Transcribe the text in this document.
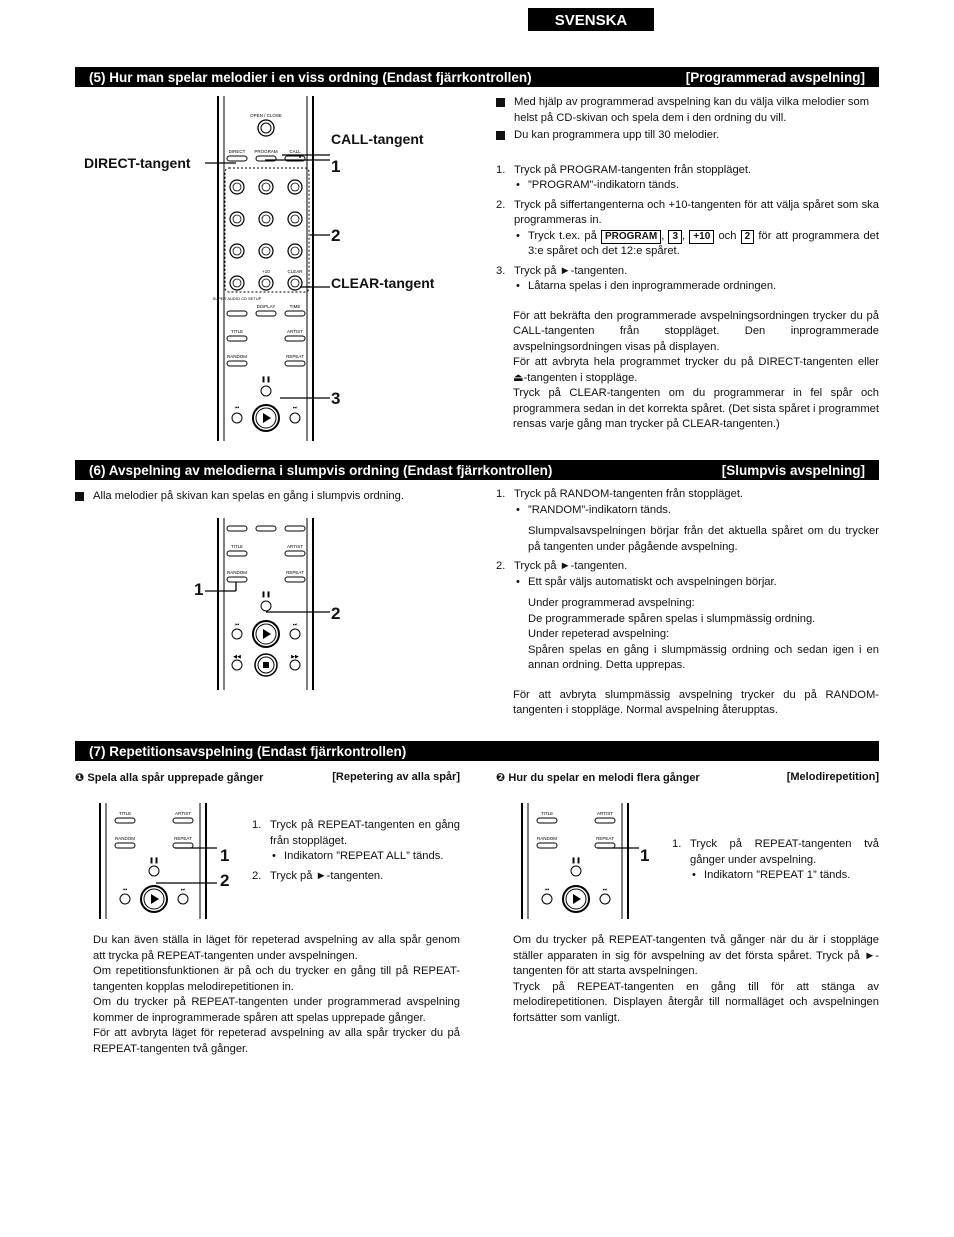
SVENSKA
(5) Hur man spelar melodier i en viss ordning (Endast fjärrkontrollen)	[Programmerad avspelning]
OPEN / CLOSE
DIRECT PROGRAM	CALL
+10	CLEAR
SUPER AUDIO CD SETUP
DISPLAY	TIME
TITLE	ARTIST
RANDOM	REPEAT
❚❚
⏮	⏭
CALL-tangent
DIRECT-tangent
CLEAR-tangent
1
2
3
Med hjälp av programmerad avspelning kan du välja vilka melodier som helst på CD-skivan och spela dem i den ordning du vill.
Du kan programmera upp till 30 melodier.
1. Tryck på PROGRAM-tangenten från stoppläget.
• ”PROGRAM”-indikatorn tänds.
2. Tryck på siffertangenterna och +10-tangenten för att välja spåret som ska programmeras in.
• Tryck t.ex. på PROGRAM , 3 , +10 och 2 för att programmera det 3:e spåret och det 12:e spåret.
3. Tryck på ►-tangenten.
• Låtarna spelas i den inprogrammerade ordningen.

För att bekräfta den programmerade avspelningsordningen trycker du på CALL-tangenten från stoppläget. Den inprogrammerade avspelningsordningen visas på displayen.

För att avbryta hela programmet trycker du på DIRECT-tangenten eller ⏏-tangenten i stoppläge.

Tryck på CLEAR-tangenten om du programmerar in fel spår och programmera sedan in det korrekta spåret. (Det sista spåret i programmet rensas varje gång man trycker på CLEAR-tangenten.)

(6) Avspelning av melodierna i slumpvis ordning (Endast fjärrkontrollen)	[Slumpvis avspelning]
Alla melodier på skivan kan spelas en gång i slumpvis ordning.
TITLE	ARTIST
RANDOM	REPEAT
❚❚
⏮	⏭
◀◀	▶▶
1
2
1. Tryck på RANDOM-tangenten från stoppläget.
• ”RANDOM”-indikatorn tänds.

Slumpvalsavspelningen börjar från det aktuella spåret om du trycker på tangenten under pågående avspelning.

2. Tryck på ►-tangenten.
• Ett spår väljs automatiskt och avspelningen börjar.

Under programmerad avspelning:

De programmerade spåren spelas i slumpmässig ordning.

Under repeterad avspelning:

Spåren spelas en gång i slumpmässig ordning och sedan igen i en annan ordning. Detta upprepas.

För att avbryta slumpmässig avspelning trycker du på RANDOM-tangenten i stoppläge. Normal avspelning återupptas.

(7) Repetitionsavspelning (Endast fjärrkontrollen)
❶ Spela alla spår upprepade gånger	[Repetering av alla spår]
TITLE	ARTIST
RANDOM	REPEAT
❚❚
⏮	⏭
1
2
1. Tryck på REPEAT-tangenten en gång från stoppläget.
• Indikatorn ”REPEAT ALL” tänds.
2. Tryck på ►-tangenten.

Du kan även ställa in läget för repeterad avspelning av alla spår genom att trycka på REPEAT-tangenten under avspelningen.

Om repetitionsfunktionen är på och du trycker en gång till på REPEAT-tangenten kopplas melodirepetitionen in.

Om du trycker på REPEAT-tangenten under programmerad avspelning kommer de inprogrammerade spåren att spelas upprepade gånger.

För att avbryta läget för repeterad avspelning av alla spår trycker du på REPEAT-tangenten två gånger.

❷ Hur du spelar en melodi flera gånger	[Melodirepetition]
TITLE	ARTIST
RANDOM	REPEAT
❚❚
⏮	⏭
1
1. Tryck på REPEAT-tangenten två gånger under avspelning.
• Indikatorn ”REPEAT 1” tänds.

Om du trycker på REPEAT-tangenten två gånger när du är i stoppläge ställer apparaten in sig för avspelning av det första spåret. Tryck på ►-tangenten för att starta avspelningen.

Tryck på REPEAT-tangenten en gång till för att stänga av melodirepetitionen. Displayen återgår till normalläget och avspelningen fortsätter som vanligt.
